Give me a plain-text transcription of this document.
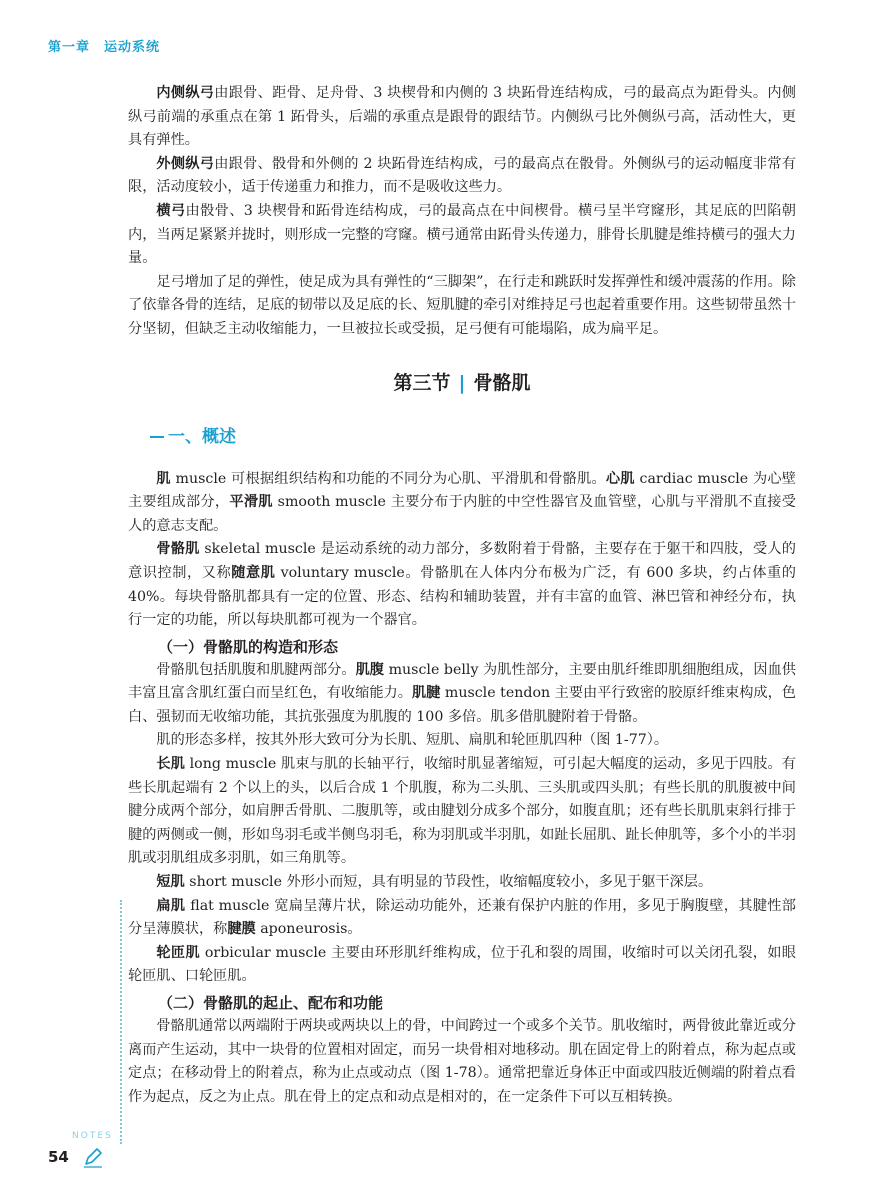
第一章 运动系统

内侧纵弓由跟骨、距骨、足舟骨、3 块楔骨和内侧的 3 块跖骨连结构成，弓的最高点为距骨头。内侧纵弓前端的承重点在第 1 跖骨头，后端的承重点是跟骨的跟结节。内侧纵弓比外侧纵弓高，活动性大，更具有弹性。

外侧纵弓由跟骨、骰骨和外侧的 2 块跖骨连结构成，弓的最高点在骰骨。外侧纵弓的运动幅度非常有限，活动度较小，适于传递重力和推力，而不是吸收这些力。

横弓由骰骨、3 块楔骨和跖骨连结构成，弓的最高点在中间楔骨。横弓呈半穹窿形，其足底的凹陷朝内，当两足紧紧并拢时，则形成一完整的穹窿。横弓通常由跖骨头传递力，腓骨长肌腱是维持横弓的强大力量。

足弓增加了足的弹性，使足成为具有弹性的“三脚架”，在行走和跳跃时发挥弹性和缓冲震荡的作用。除了依靠各骨的连结，足底的韧带以及足底的长、短肌腱的牵引对维持足弓也起着重要作用。这些韧带虽然十分坚韧，但缺乏主动收缩能力，一旦被拉长或受损，足弓便有可能塌陷，成为扁平足。

第三节 | 骨骼肌
一、概述

肌 muscle 可根据组织结构和功能的不同分为心肌、平滑肌和骨骼肌。心肌 cardiac muscle 为心壁主要组成部分，平滑肌 smooth muscle 主要分布于内脏的中空性器官及血管壁，心肌与平滑肌不直接受人的意志支配。

骨骼肌 skeletal muscle 是运动系统的动力部分，多数附着于骨骼，主要存在于躯干和四肢，受人的意识控制，又称随意肌 voluntary muscle。骨骼肌在人体内分布极为广泛，有 600 多块，约占体重的 40%。每块骨骼肌都具有一定的位置、形态、结构和辅助装置，并有丰富的血管、淋巴管和神经分布，执行一定的功能，所以每块肌都可视为一个器官。

（一）骨骼肌的构造和形态

骨骼肌包括肌腹和肌腱两部分。肌腹 muscle belly 为肌性部分，主要由肌纤维即肌细胞组成，因血供丰富且富含肌红蛋白而呈红色，有收缩能力。肌腱 muscle tendon 主要由平行致密的胶原纤维束构成，色白、强韧而无收缩功能，其抗张强度为肌腹的 100 多倍。肌多借肌腱附着于骨骼。

肌的形态多样，按其外形大致可分为长肌、短肌、扁肌和轮匝肌四种（图 1-77）。

长肌 long muscle 肌束与肌的长轴平行，收缩时肌显著缩短，可引起大幅度的运动，多见于四肢。有些长肌起端有 2 个以上的头，以后合成 1 个肌腹，称为二头肌、三头肌或四头肌；有些长肌的肌腹被中间腱分成两个部分，如肩胛舌骨肌、二腹肌等，或由腱划分成多个部分，如腹直肌；还有些长肌肌束斜行排于腱的两侧或一侧，形如鸟羽毛或半侧鸟羽毛，称为羽肌或半羽肌，如趾长屈肌、趾长伸肌等，多个小的半羽肌或羽肌组成多羽肌，如三角肌等。

短肌 short muscle 外形小而短，具有明显的节段性，收缩幅度较小，多见于躯干深层。

扁肌 flat muscle 宽扁呈薄片状，除运动功能外，还兼有保护内脏的作用，多见于胸腹壁，其腱性部分呈薄膜状，称腱膜 aponeurosis。

轮匝肌 orbicular muscle 主要由环形肌纤维构成，位于孔和裂的周围，收缩时可以关闭孔裂，如眼轮匝肌、口轮匝肌。

（二）骨骼肌的起止、配布和功能

骨骼肌通常以两端附于两块或两块以上的骨，中间跨过一个或多个关节。肌收缩时，两骨彼此靠近或分离而产生运动，其中一块骨的位置相对固定，而另一块骨相对地移动。肌在固定骨上的附着点，称为起点或定点；在移动骨上的附着点，称为止点或动点（图 1-78）。通常把靠近身体正中面或四肢近侧端的附着点看作为起点，反之为止点。肌在骨上的定点和动点是相对的，在一定条件下可以互相转换。

NOTES
54
